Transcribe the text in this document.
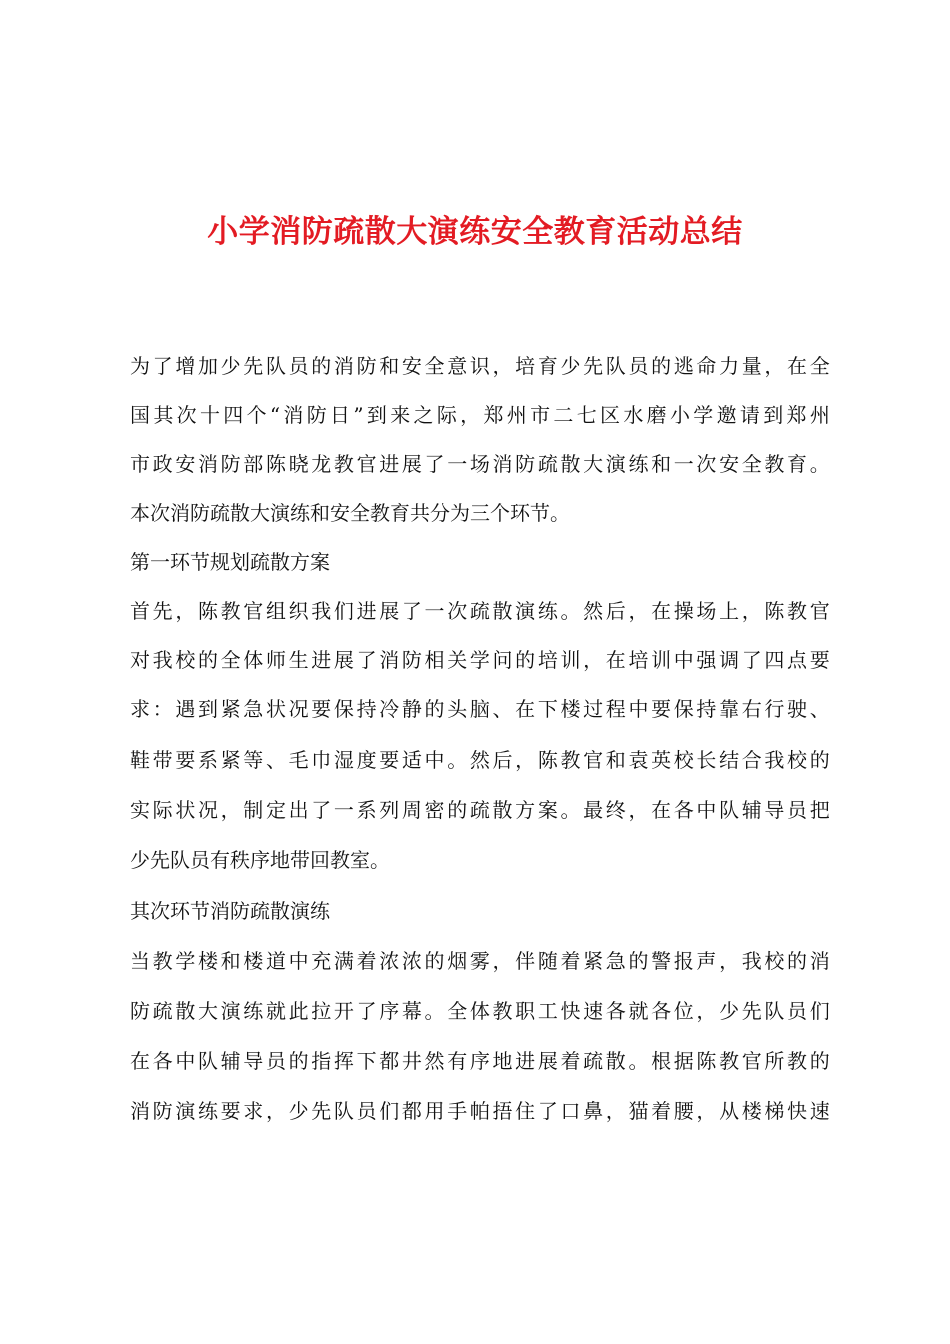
小学消防疏散大演练安全教育活动总结
为 了 增 加 少 先 队 员 的 消 防 和 安 全 意 识 ， 培 育 少 先 队 员 的 逃 命 力 量 ， 在 全
国 其 次 十 四 个 “ 消 防 日 ” 到 来 之 际 ， 郑 州 市 二 七 区 水 磨 小 学 邀 请 到 郑 州
市 政 安 消 防 部 陈 晓 龙 教 官 进 展 了 一 场 消 防 疏 散 大 演 练 和 一 次 安 全 教 育 。
本次消防疏散大演练和安全教育共分为三个环节。
第一环节规划疏散方案
首 先 ， 陈 教 官 组 织 我 们 进 展 了 一 次 疏 散 演 练 。 然 后 ， 在 操 场 上 ， 陈 教 官
对 我 校 的 全 体 师 生 进 展 了 消 防 相 关 学 问 的 培 训 ， 在 培 训 中 强 调 了 四 点 要
求 ： 遇 到 紧 急 状 况 要 保 持 冷 静 的 头 脑 、 在 下 楼 过 程 中 要 保 持 靠 右 行 驶 、
鞋 带 要 系 紧 等 、 毛 巾 湿 度 要 适 中 。 然 后 ， 陈 教 官 和 袁 英 校 长 结 合 我 校 的
实 际 状 况 ， 制 定 出 了 一 系 列 周 密 的 疏 散 方 案 。 最 终 ， 在 各 中 队 辅 导 员 把
少先队员有秩序地带回教室。
其次环节消防疏散演练
当 教 学 楼 和 楼 道 中 充 满 着 浓 浓 的 烟 雾 ， 伴 随 着 紧 急 的 警 报 声 ， 我 校 的 消
防 疏 散 大 演 练 就 此 拉 开 了 序 幕 。 全 体 教 职 工 快 速 各 就 各 位 ， 少 先 队 员 们
在 各 中 队 辅 导 员 的 指 挥 下 都 井 然 有 序 地 进 展 着 疏 散 。 根 据 陈 教 官 所 教 的
消 防 演 练 要 求 ， 少 先 队 员 们 都 用 手 帕 捂 住 了 口 鼻 ， 猫 着 腰 ， 从 楼 梯 快 速
